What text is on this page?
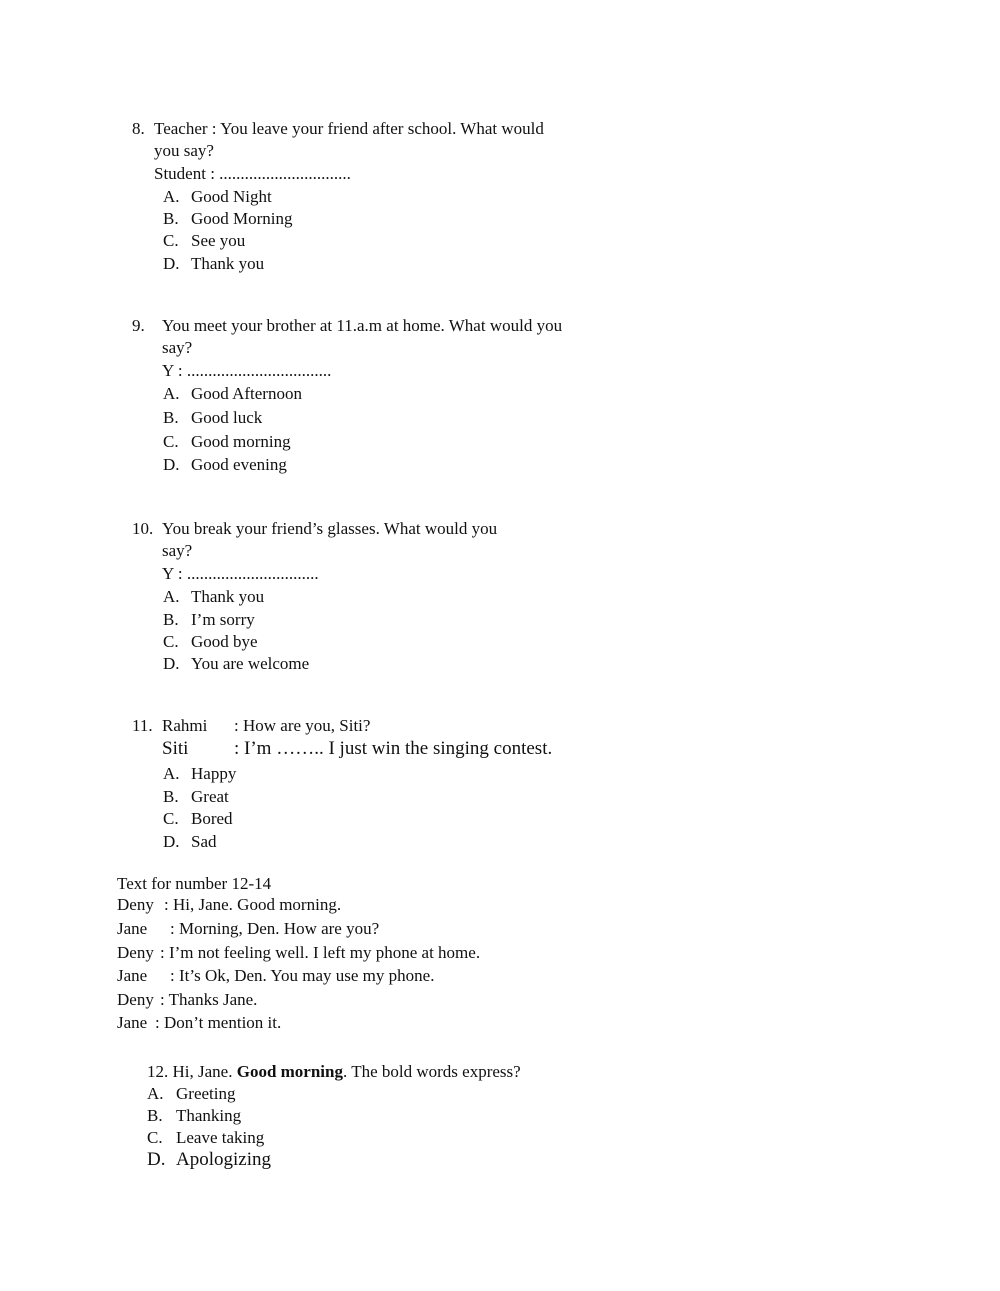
8. Teacher : You leave your friend after school. What would
you say?
Student : ...............................
A. Good Night
B. Good Morning
C. See you
D. Thank you
9. You meet your brother at 11.a.m at home. What would you
say?
Y : ..................................
A. Good Afternoon
B. Good luck
C. Good morning
D. Good evening
10. You break your friend’s glasses. What would you
say?
Y : ...............................
A. Thank you
B. I’m sorry
C. Good bye
D. You are welcome
11. Rahmi : How are you, Siti?
Siti : I’m …….. I just win the singing contest.
A. Happy
B. Great
C. Bored
D. Sad
Text for number 12-14
Deny : Hi, Jane. Good morning.
Jane : Morning, Den. How are you?
Deny : I’m not feeling well. I left my phone at home.
Jane : It’s Ok, Den. You may use my phone.
Deny : Thanks Jane.
Jane : Don’t mention it.
12. Hi, Jane. Good morning. The bold words express?
A. Greeting
B. Thanking
C. Leave taking
D. Apologizing
